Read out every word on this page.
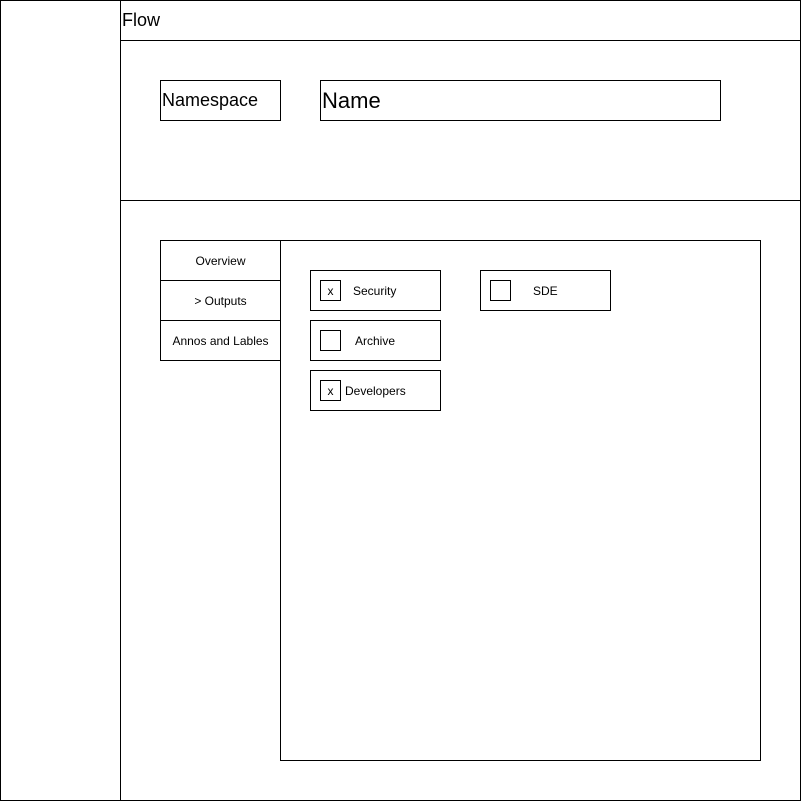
Flow
Namespace	Name
Overview
> Outputs
Annos and Lables
x	Security
Archive
x Developers
SDE
